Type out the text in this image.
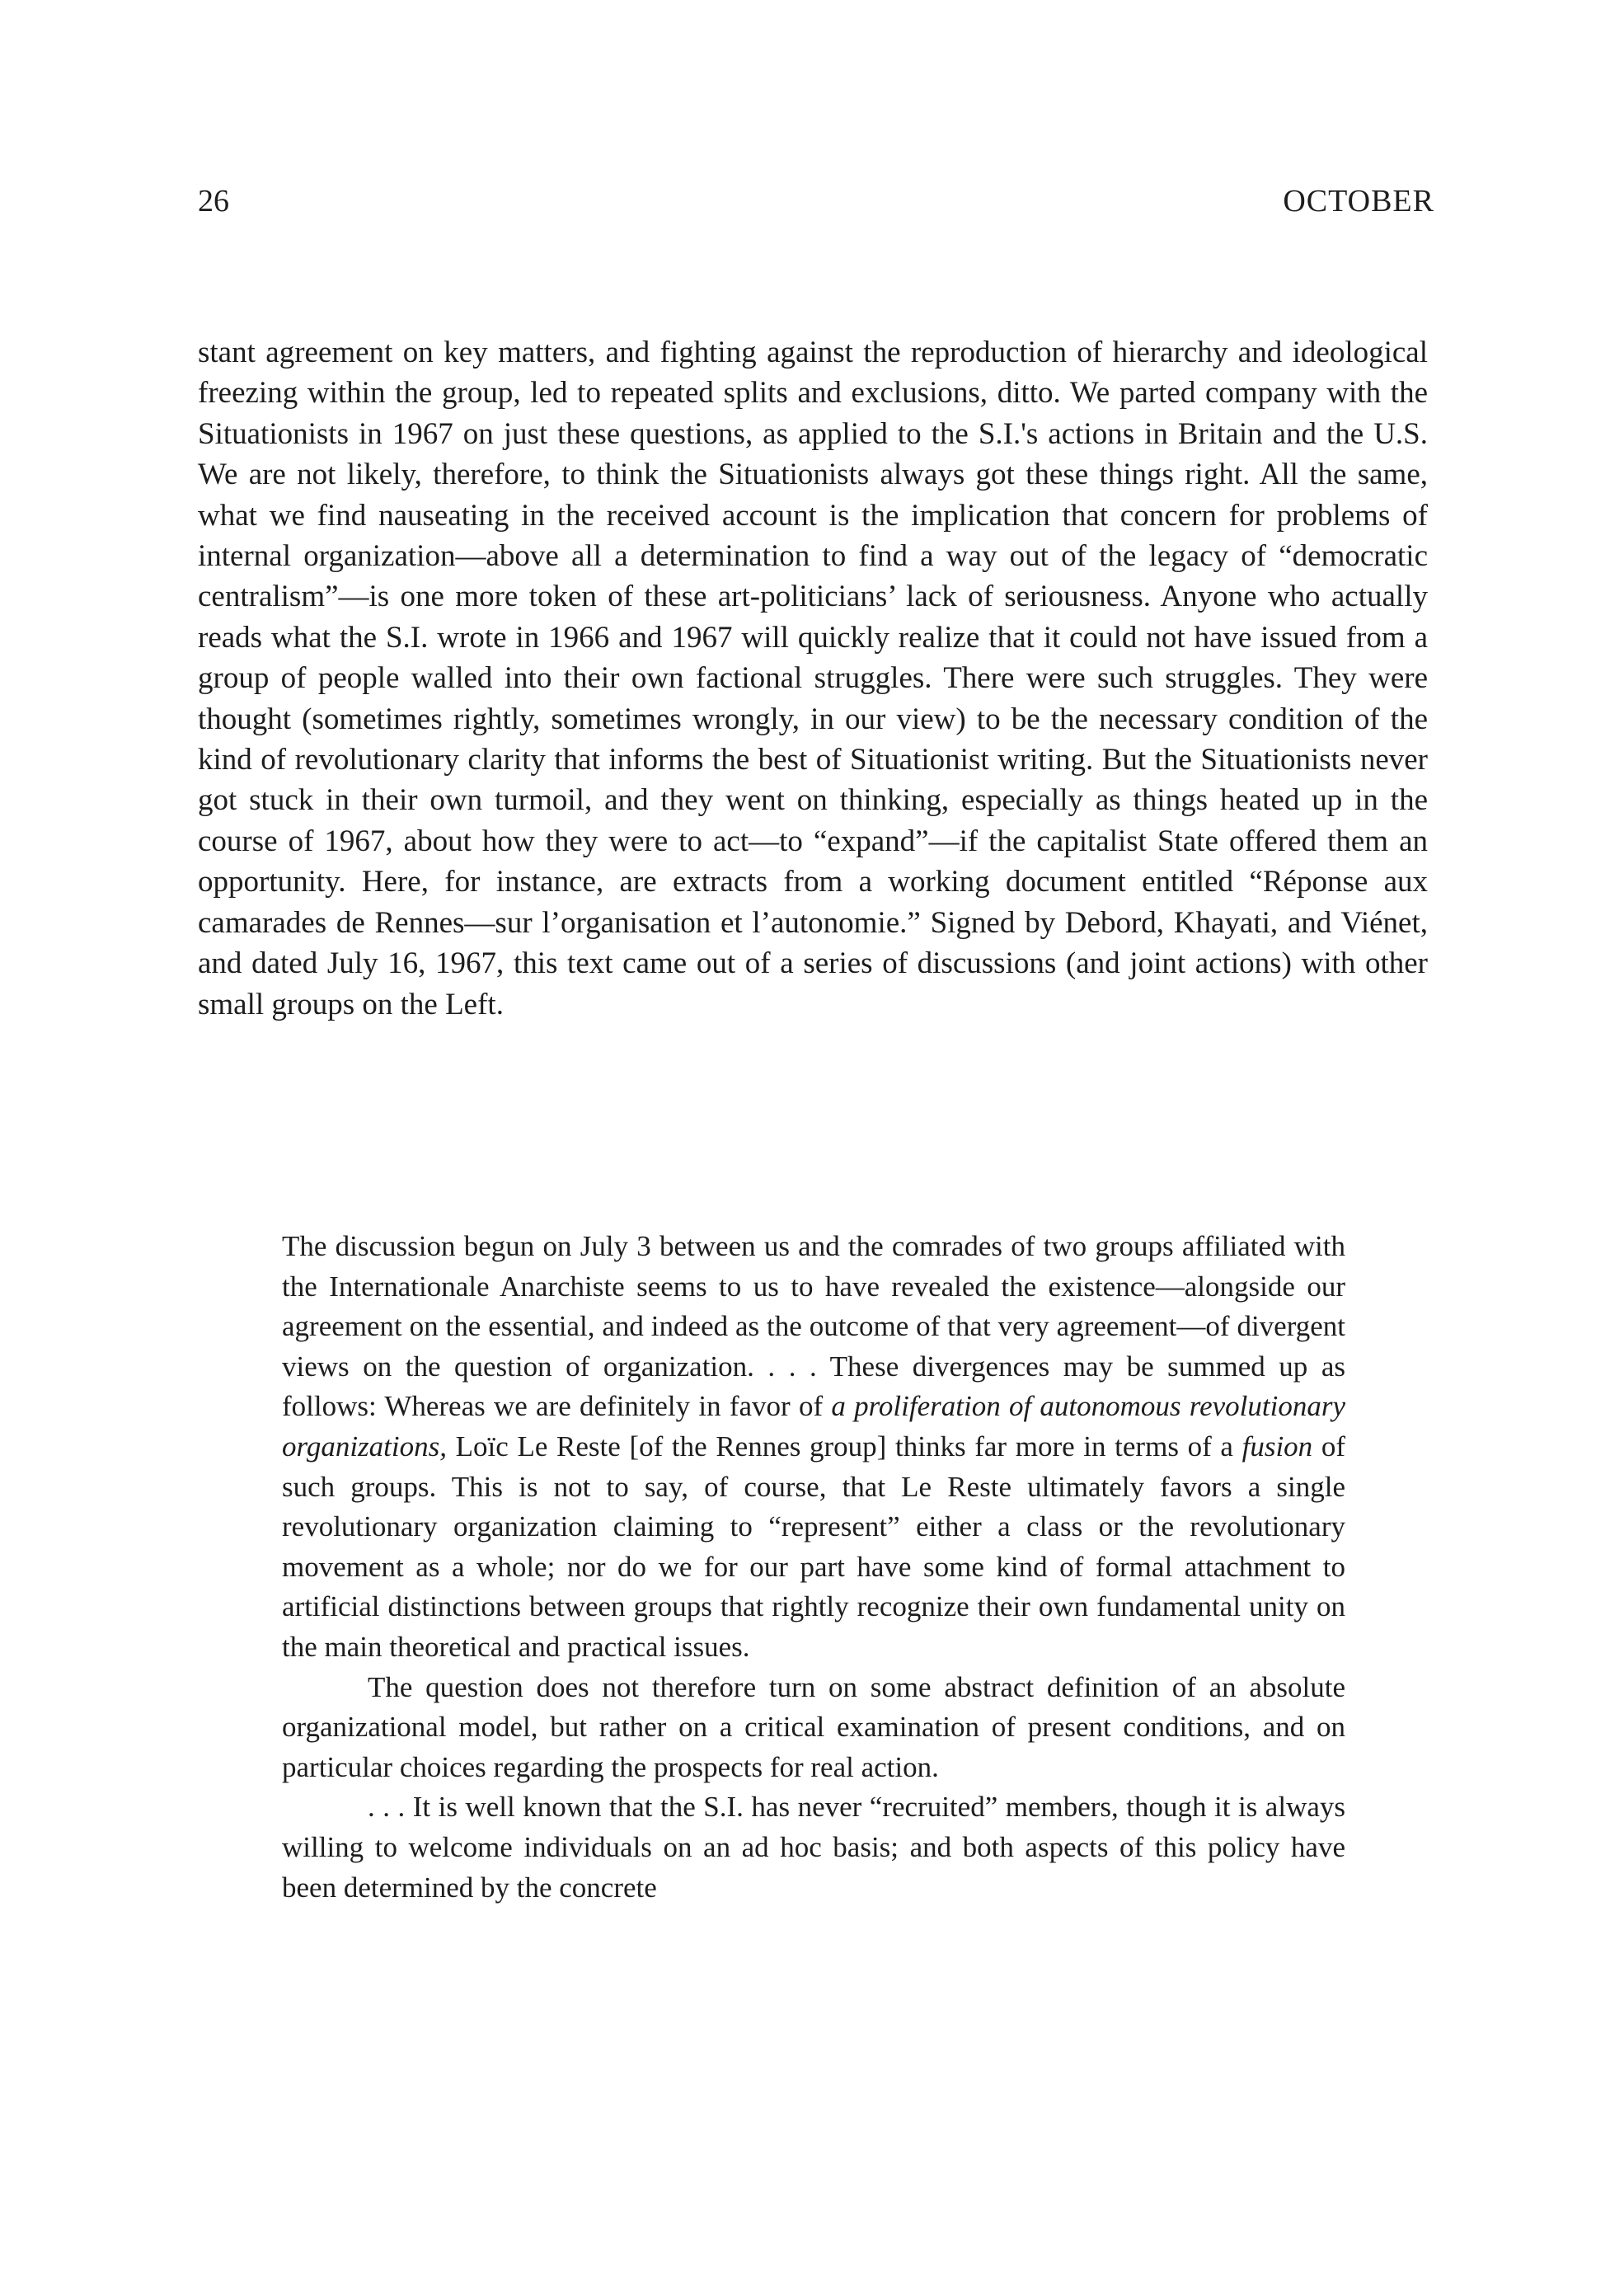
26	OCTOBER

stant agreement on key matters, and fighting against the reproduction of hierarchy and ideological freezing within the group, led to repeated splits and exclusions, ditto. We parted company with the Situationists in 1967 on just these questions, as applied to the S.I.'s actions in Britain and the U.S. We are not likely, therefore, to think the Situationists always got these things right. All the same, what we find nauseating in the received account is the implication that concern for problems of internal organization—above all a determination to find a way out of the legacy of “democratic centralism”—is one more token of these art-politicians’ lack of seriousness. Anyone who actually reads what the S.I. wrote in 1966 and 1967 will quickly realize that it could not have issued from a group of people walled into their own factional struggles. There were such struggles. They were thought (sometimes rightly, sometimes wrongly, in our view) to be the necessary condition of the kind of revolutionary clarity that informs the best of Situationist writing. But the Situationists never got stuck in their own turmoil, and they went on thinking, especially as things heated up in the course of 1967, about how they were to act—to “expand”—if the capitalist State offered them an opportunity. Here, for instance, are extracts from a working document entitled “Réponse aux camarades de Rennes—sur l’organisation et l’autonomie.” Signed by Debord, Khayati, and Viénet, and dated July 16, 1967, this text came out of a series of discussions (and joint actions) with other small groups on the Left.

The discussion begun on July 3 between us and the comrades of two groups affiliated with the Internationale Anarchiste seems to us to have revealed the existence—alongside our agreement on the essential, and indeed as the outcome of that very agreement—of divergent views on the question of organization. . . . These divergences may be summed up as follows: Whereas we are definitely in favor of a proliferation of autonomous revolutionary organizations, Loïc Le Reste [of the Rennes group] thinks far more in terms of a fusion of such groups. This is not to say, of course, that Le Reste ultimately favors a single revolutionary organization claiming to “represent” either a class or the revolutionary movement as a whole; nor do we for our part have some kind of formal attachment to artificial distinctions between groups that rightly recognize their own fundamental unity on the main theoretical and practical issues.

The question does not therefore turn on some abstract definition of an absolute organizational model, but rather on a critical examination of present conditions, and on particular choices regarding the prospects for real action.

. . . It is well known that the S.I. has never “recruited” members, though it is always willing to welcome individuals on an ad hoc basis; and both aspects of this policy have been determined by the concrete
